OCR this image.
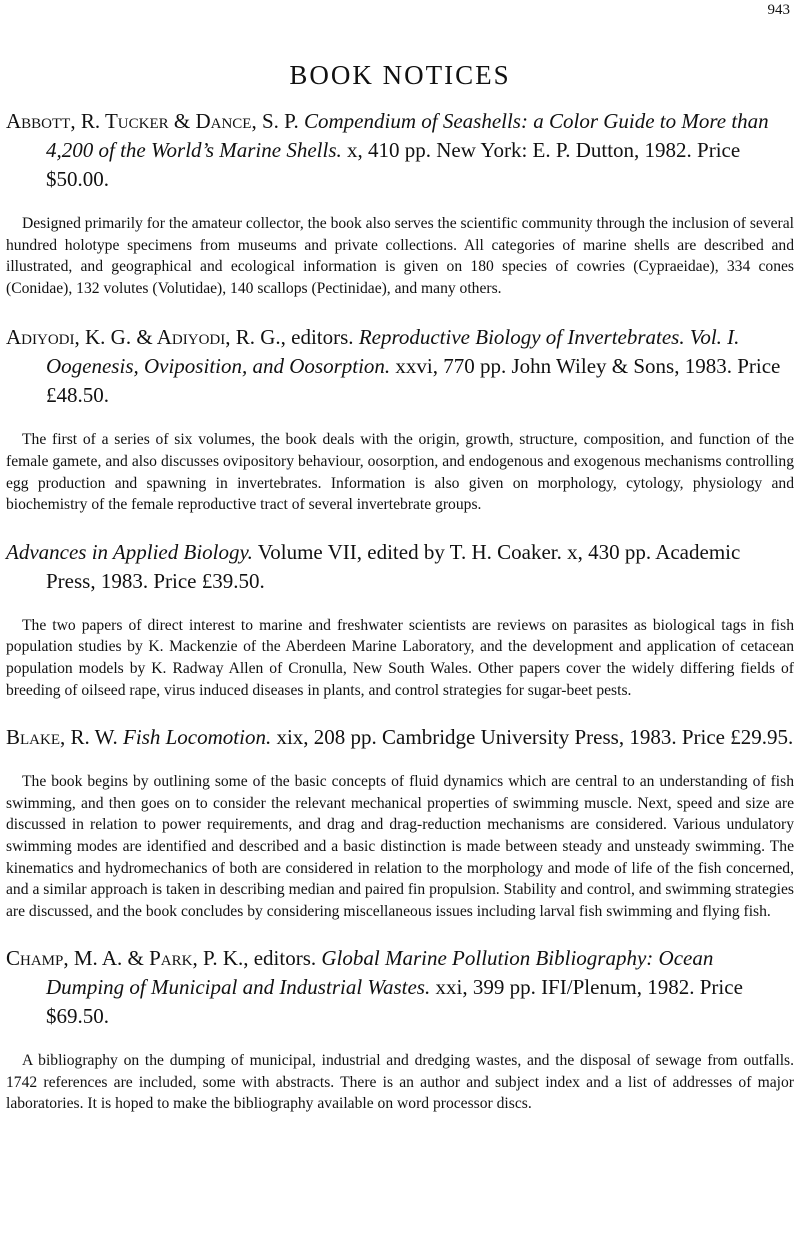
943
BOOK NOTICES

Abbott, R. Tucker & Dance, S. P. Compendium of Seashells: a Color Guide to More than 4,200 of the World’s Marine Shells. x, 410 pp. New York: E. P. Dutton, 1982. Price $50.00.

Designed primarily for the amateur collector, the book also serves the scientific community through the inclusion of several hundred holotype specimens from museums and private collections. All categories of marine shells are described and illustrated, and geographical and ecological information is given on 180 species of cowries (Cypraeidae), 334 cones (Conidae), 132 volutes (Volutidae), 140 scallops (Pectinidae), and many others.

Adiyodi, K. G. & Adiyodi, R. G., editors. Reproductive Biology of Invertebrates. Vol. I. Oogenesis, Oviposition, and Oosorption. xxvi, 770 pp. John Wiley & Sons, 1983. Price £48.50.

The first of a series of six volumes, the book deals with the origin, growth, structure, composition, and function of the female gamete, and also discusses ovipository behaviour, oosorption, and endogenous and exogenous mechanisms controlling egg production and spawning in invertebrates. Information is also given on morphology, cytology, physiology and biochemistry of the female reproductive tract of several invertebrate groups.

Advances in Applied Biology. Volume VII, edited by T. H. Coaker. x, 430 pp. Academic Press, 1983. Price £39.50.

The two papers of direct interest to marine and freshwater scientists are reviews on parasites as biological tags in fish population studies by K. Mackenzie of the Aberdeen Marine Laboratory, and the development and application of cetacean population models by K. Radway Allen of Cronulla, New South Wales. Other papers cover the widely differing fields of breeding of oilseed rape, virus induced diseases in plants, and control strategies for sugar-beet pests.

Blake, R. W. Fish Locomotion. xix, 208 pp. Cambridge University Press, 1983. Price £29.95.

The book begins by outlining some of the basic concepts of fluid dynamics which are central to an understanding of fish swimming, and then goes on to consider the relevant mechanical properties of swimming muscle. Next, speed and size are discussed in relation to power requirements, and drag and drag-reduction mechanisms are considered. Various undulatory swimming modes are identified and described and a basic distinction is made between steady and unsteady swimming. The kinematics and hydromechanics of both are considered in relation to the morphology and mode of life of the fish concerned, and a similar approach is taken in describing median and paired fin propulsion. Stability and control, and swimming strategies are discussed, and the book concludes by considering miscellaneous issues including larval fish swimming and flying fish.

Champ, M. A. & Park, P. K., editors. Global Marine Pollution Bibliography: Ocean Dumping of Municipal and Industrial Wastes. xxi, 399 pp. IFI/Plenum, 1982. Price $69.50.

A bibliography on the dumping of municipal, industrial and dredging wastes, and the disposal of sewage from outfalls. 1742 references are included, some with abstracts. There is an author and subject index and a list of addresses of major laboratories. It is hoped to make the bibliography available on word processor discs.
